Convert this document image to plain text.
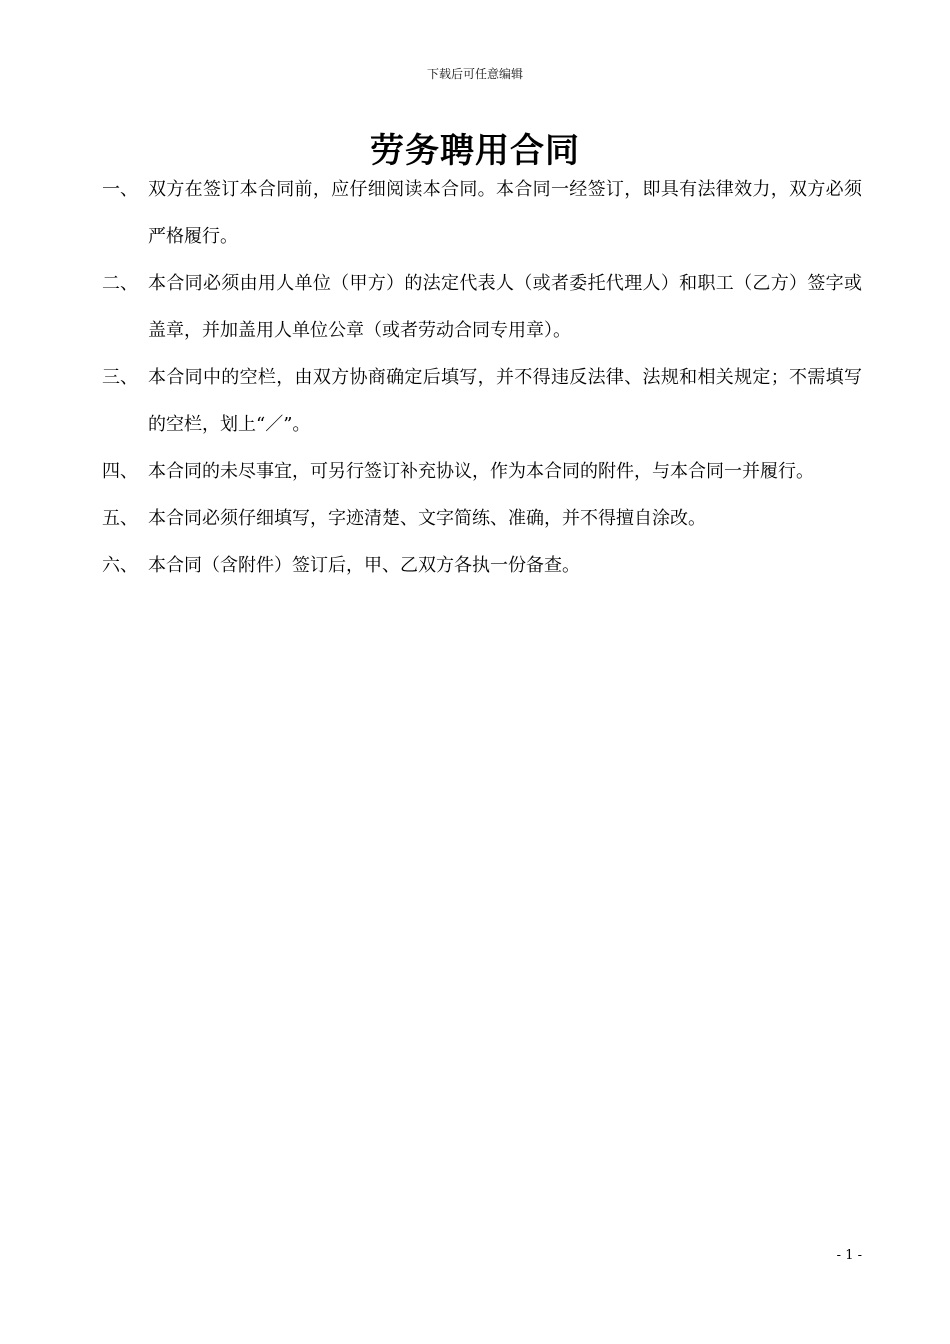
下载后可任意编辑
劳务聘用合同
一、 双方在签订本合同前，应仔细阅读本合同。本合同一经签订，即具有法律效力，双方必须严格履行。
二、 本合同必须由用人单位（甲方）的法定代表人（或者委托代理人）和职工（乙方）签字或盖章，并加盖用人单位公章（或者劳动合同专用章）。
三、 本合同中的空栏，由双方协商确定后填写，并不得违反法律、法规和相关规定；不需填写的空栏，划上“／”。
四、 本合同的未尽事宜，可另行签订补充协议，作为本合同的附件，与本合同一并履行。
五、 本合同必须仔细填写，字迹清楚、文字简练、准确，并不得擅自涂改。
六、 本合同（含附件）签订后，甲、乙双方各执一份备查。
- 1 -
